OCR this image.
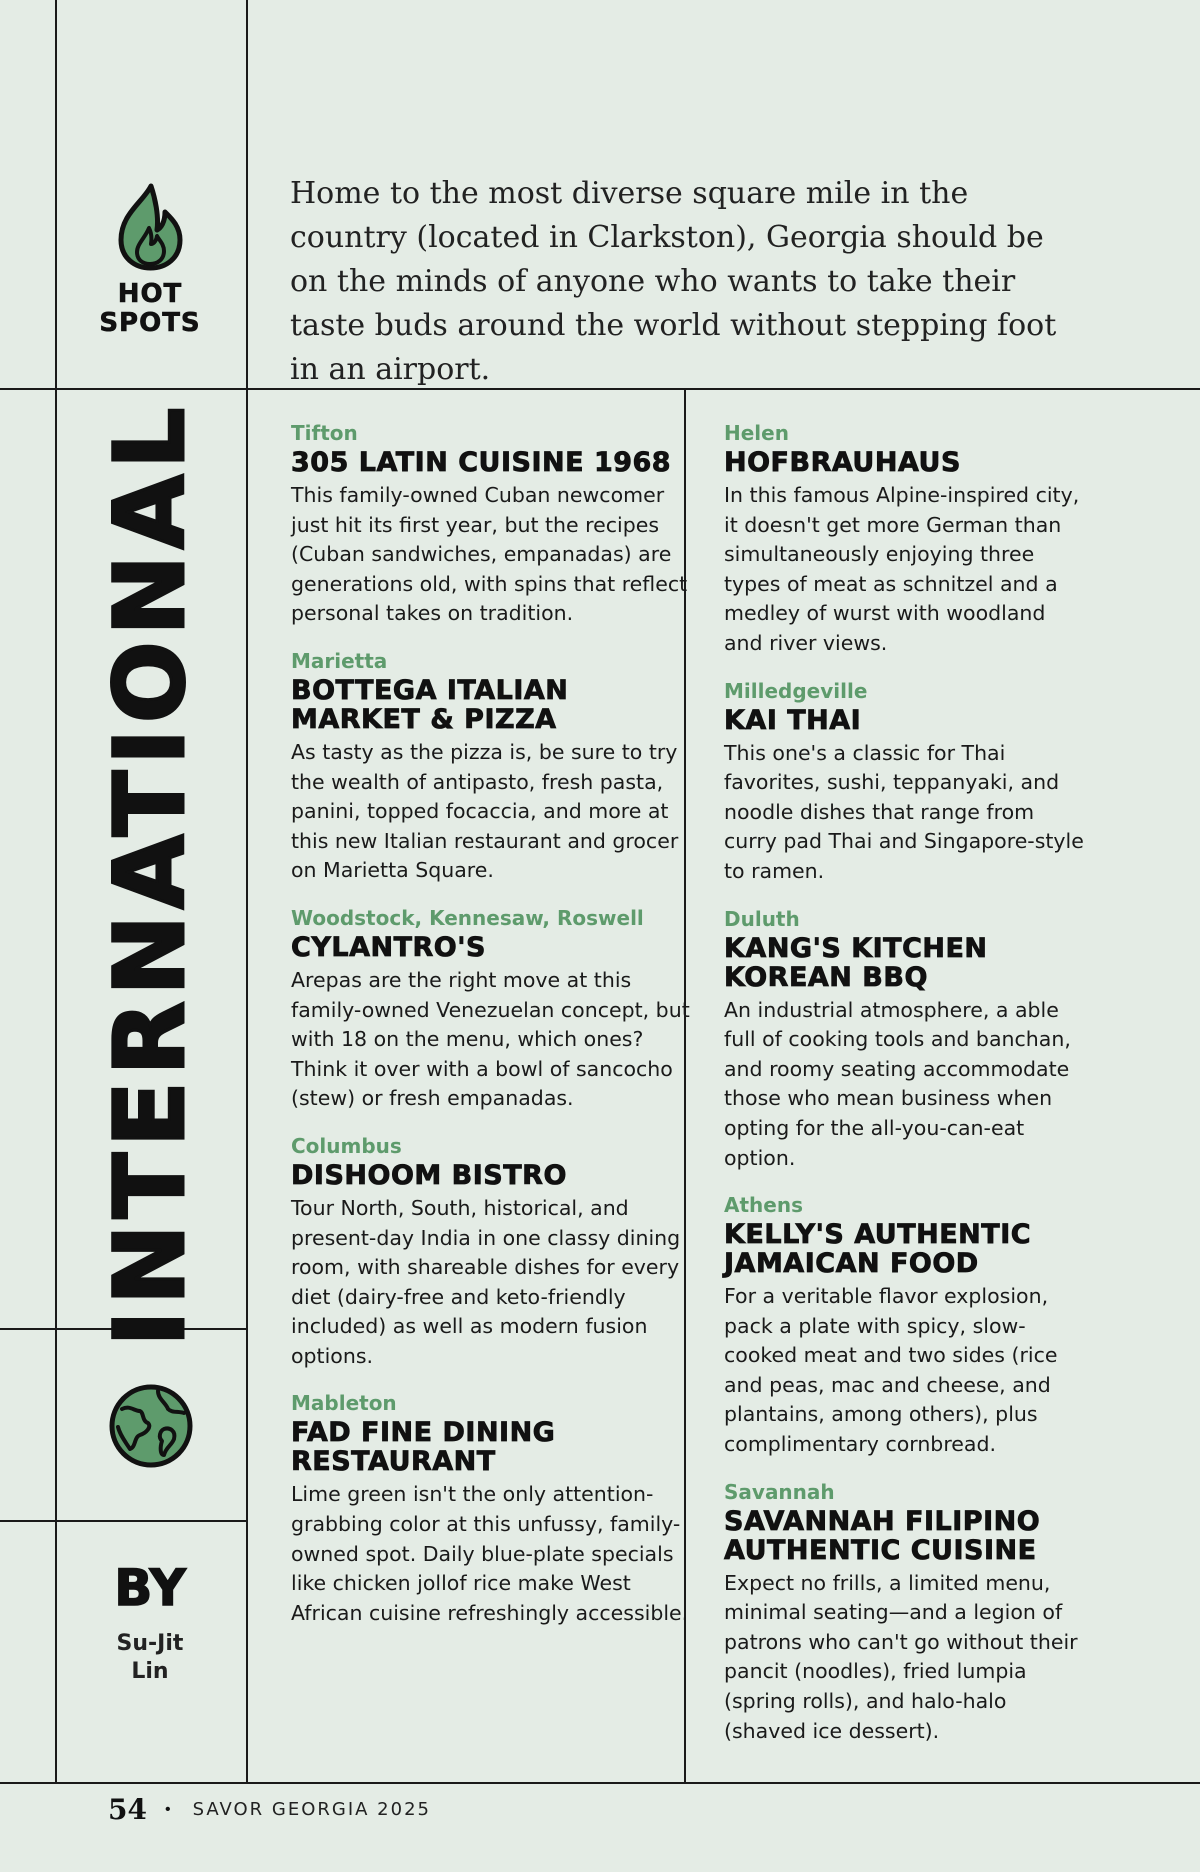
HOT
SPOTS

Home to the most diverse square mile in the country (located in Clarkston), Georgia should be on the minds of anyone who wants to take their taste buds around the world without stepping foot in an airport.

INTERNATIONAL
BY
Su-Jit
Lin
Tifton
305 LATIN CUISINE 1968

This family-owned Cuban newcomer just hit its first year, but the recipes (Cuban sandwiches, empanadas) are generations old, with spins that reflect personal takes on tradition.

Marietta
BOTTEGA ITALIAN MARKET & PIZZA

As tasty as the pizza is, be sure to try the wealth of antipasto, fresh pasta, panini, topped focaccia, and more at this new Italian restaurant and grocer on Marietta Square.

Woodstock, Kennesaw, Roswell
CYLANTRO'S

Arepas are the right move at this family-owned Venezuelan concept, but with 18 on the menu, which ones? Think it over with a bowl of sancocho (stew) or fresh empanadas.

Columbus
DISHOOM BISTRO

Tour North, South, historical, and present-day India in one classy dining room, with shareable dishes for every diet (dairy-free and keto-friendly included) as well as modern fusion options.

Mableton
FAD FINE DINING RESTAURANT

Lime green isn't the only attention-grabbing color at this unfussy, family-owned spot. Daily blue-plate specials like chicken jollof rice make West African cuisine refreshingly accessible.

Helen
HOFBRAUHAUS

In this famous Alpine-inspired city, it doesn't get more German than simultaneously enjoying three types of meat as schnitzel and a medley of wurst with woodland and river views.

Milledgeville
KAI THAI

This one's a classic for Thai favorites, sushi, teppanyaki, and noodle dishes that range from curry pad Thai and Singapore-style to ramen.

Duluth
KANG'S KITCHEN KOREAN BBQ

An industrial atmosphere, a able full of cooking tools and banchan, and roomy seating accommodate those who mean business when opting for the all-you-can-eat option.

Athens
KELLY'S AUTHENTIC JAMAICAN FOOD

For a veritable flavor explosion, pack a plate with spicy, slow-cooked meat and two sides (rice and peas, mac and cheese, and plantains, among others), plus complimentary cornbread.

Savannah
SAVANNAH FILIPINO AUTHENTIC CUISINE

Expect no frills, a limited menu, minimal seating—and a legion of patrons who can't go without their pancit (noodles), fried lumpia (spring rolls), and halo-halo (shaved ice dessert).

54 • SAVOR GEORGIA 2025
